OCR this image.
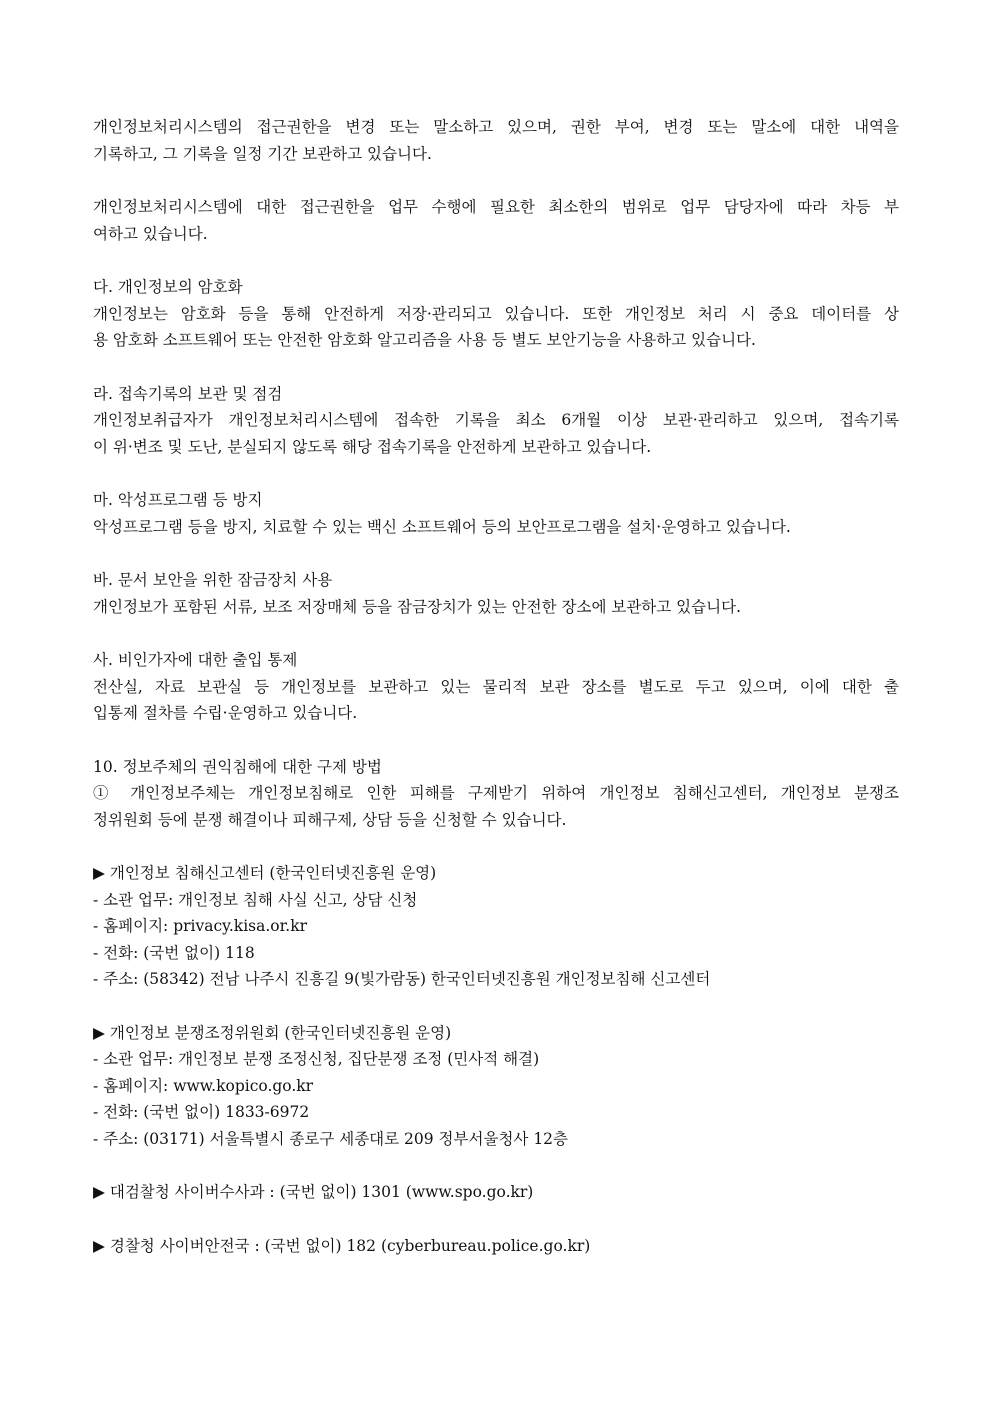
개인정보처리시스템의 접근권한을 변경 또는 말소하고 있으며, 권한 부여, 변경 또는 말소에 대한 내역을
기록하고, 그 기록을 일정 기간 보관하고 있습니다.
개인정보처리시스템에 대한 접근권한을 업무 수행에 필요한 최소한의 범위로 업무 담당자에 따라 차등 부
여하고 있습니다.
다. 개인정보의 암호화
개인정보는 암호화 등을 통해 안전하게 저장·관리되고 있습니다. 또한 개인정보 처리 시 중요 데이터를 상
용 암호화 소프트웨어 또는 안전한 암호화 알고리즘을 사용 등 별도 보안기능을 사용하고 있습니다.
라. 접속기록의 보관 및 점검
개인정보취급자가 개인정보처리시스템에 접속한 기록을 최소 6개월 이상 보관·관리하고 있으며, 접속기록
이 위·변조 및 도난, 분실되지 않도록 해당 접속기록을 안전하게 보관하고 있습니다.
마. 악성프로그램 등 방지
악성프로그램 등을 방지, 치료할 수 있는 백신 소프트웨어 등의 보안프로그램을 설치·운영하고 있습니다.
바. 문서 보안을 위한 잠금장치 사용
개인정보가 포함된 서류, 보조 저장매체 등을 잠금장치가 있는 안전한 장소에 보관하고 있습니다.
사. 비인가자에 대한 출입 통제
전산실, 자료 보관실 등 개인정보를 보관하고 있는 물리적 보관 장소를 별도로 두고 있으며, 이에 대한 출
입통제 절차를 수립·운영하고 있습니다.
10. 정보주체의 권익침해에 대한 구제 방법
① 개인정보주체는 개인정보침해로 인한 피해를 구제받기 위하여 개인정보 침해신고센터, 개인정보 분쟁조
정위원회 등에 분쟁 해결이나 피해구제, 상담 등을 신청할 수 있습니다.
▶ 개인정보 침해신고센터 (한국인터넷진흥원 운영)
- 소관 업무: 개인정보 침해 사실 신고, 상담 신청
- 홈페이지: privacy.kisa.or.kr
- 전화: (국번 없이) 118
- 주소: (58342) 전남 나주시 진흥길 9(빛가람동) 한국인터넷진흥원 개인정보침해 신고센터
▶ 개인정보 분쟁조정위원회 (한국인터넷진흥원 운영)
- 소관 업무: 개인정보 분쟁 조정신청, 집단분쟁 조정 (민사적 해결)
- 홈페이지: www.kopico.go.kr
- 전화: (국번 없이) 1833-6972
- 주소: (03171) 서울특별시 종로구 세종대로 209 정부서울청사 12층
▶ 대검찰청 사이버수사과 : (국번 없이) 1301 (www.spo.go.kr)
▶ 경찰청 사이버안전국 : (국번 없이) 182 (cyberbureau.police.go.kr)
